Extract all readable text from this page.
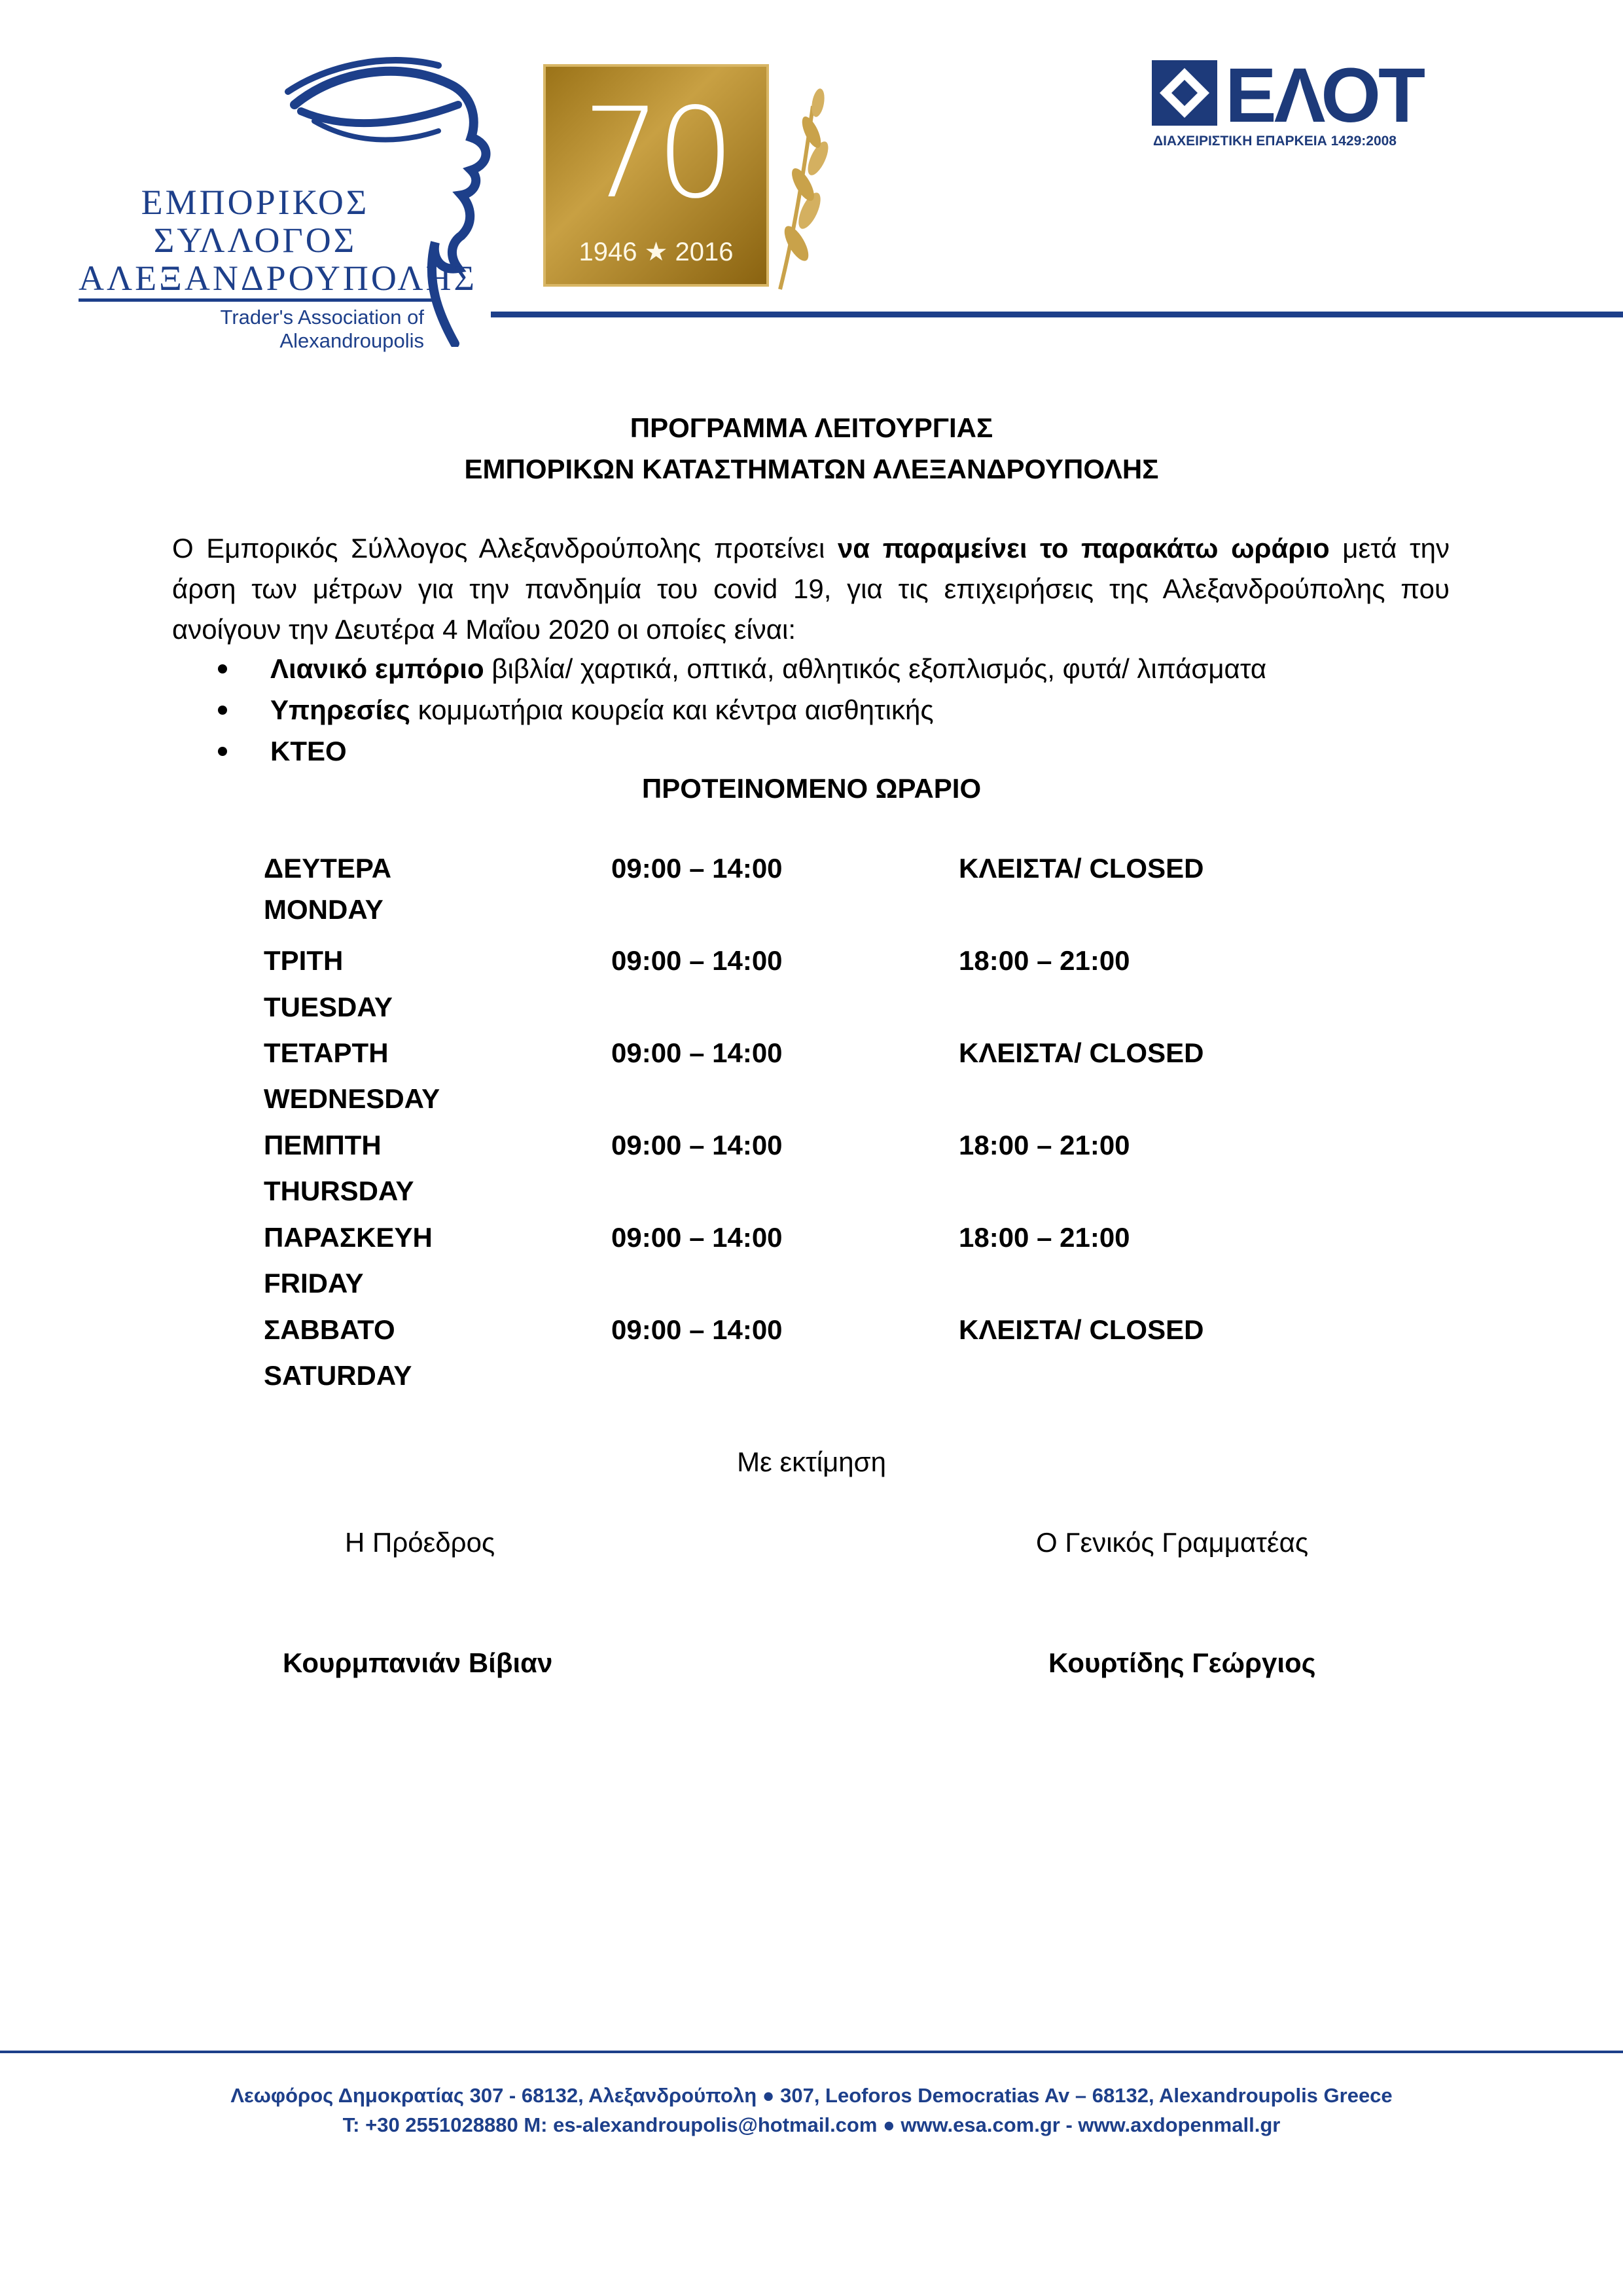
ΕΜΠΟΡΙΚΟΣ
ΣΥΛΛΟΓΟΣ
ΑΛΕΞΑΝΔΡΟΥΠΟΛΗΣ
Trader's Association of Alexandroupolis
70
1946 ★ 2016
ΕΛΟΤ
ΔΙΑΧΕΙΡΙΣΤΙΚΗ ΕΠΑΡΚΕΙΑ 1429:2008
ΠΡΟΓΡΑΜΜΑ ΛΕΙΤΟΥΡΓΙΑΣ
ΕΜΠΟΡΙΚΩΝ ΚΑΤΑΣΤΗΜΑΤΩΝ ΑΛΕΞΑΝΔΡΟΥΠΟΛΗΣ
Ο Εμπορικός Σύλλογος Αλεξανδρούπολης προτείνει να παραμείνει το παρακάτω ωράριο μετά την άρση των μέτρων για την πανδημία του covid 19, για τις επιχειρήσεις της Αλεξανδρούπολης που ανοίγουν την Δευτέρα 4 Μαΐου 2020 οι οποίες είναι:
Λιανικό εμπόριο βιβλία/ χαρτικά, οπτικά, αθλητικός εξοπλισμός, φυτά/ λιπάσματα
Υπηρεσίες κομμωτήρια κουρεία και κέντρα αισθητικής
ΚΤΕΟ
ΠΡΟΤΕΙΝΟΜΕΝΟ ΩΡΑΡΙΟ
ΔΕΥΤΕΡΑ
MONDAY
09:00 – 14:00	ΚΛΕΙΣΤΑ/ CLOSED
ΤΡΙΤΗ
TUESDAY
09:00 – 14:00	18:00 – 21:00
ΤΕΤΑΡΤΗ
WEDNESDAY
09:00 – 14:00	ΚΛΕΙΣΤΑ/ CLOSED
ΠΕΜΠΤΗ
THURSDAY
09:00 – 14:00	18:00 – 21:00
ΠΑΡΑΣΚΕΥΗ
FRIDAY
09:00 – 14:00	18:00 – 21:00
ΣΑΒΒΑΤΟ
SATURDAY
09:00 – 14:00	ΚΛΕΙΣΤΑ/ CLOSED
Με εκτίμηση
Η Πρόεδρος	Ο Γενικός Γραμματέας
Κουρμπανιάν Βίβιαν	Κουρτίδης Γεώργιος
Λεωφόρος Δημοκρατίας 307 - 68132, Αλεξανδρούπολη ● 307, Leoforos Democratias Av – 68132, Alexandroupolis Greece
T: +30 2551028880 M: es-alexandroupolis@hotmail.com ● www.esa.com.gr - www.axdopenmall.gr
